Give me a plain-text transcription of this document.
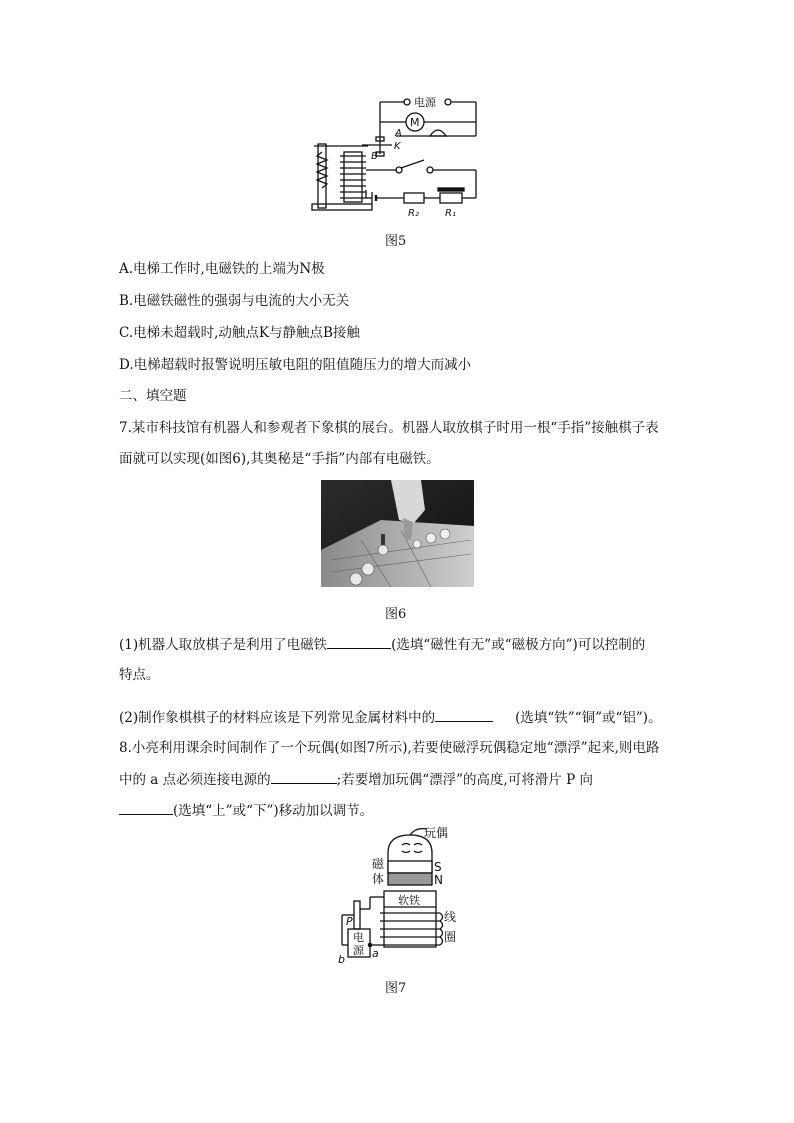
电源
M
A
K
B
R₂	R₁
图5
A.电梯工作时,电磁铁的上端为N极
B.电磁铁磁性的强弱与电流的大小无关
C.电梯未超载时,动触点K与静触点B接触
D.电梯超载时报警说明压敏电阻的阻值随压力的增大而减小
二、填空题
7.某市科技馆有机器人和参观者下象棋的展台。机器人取放棋子时用一根“手指”接触棋子表
面就可以实现(如图6),其奥秘是“手指”内部有电磁铁。
图6
(1)机器人取放棋子是利用了电磁铁	(选填“磁性有无”或“磁极方向”)可以控制的
特点。
(2)制作象棋棋子的材料应该是下列常见金属材料中的	(选填“铁”“铜”或“铝”)。
8.小亮利用课余时间制作了一个玩偶(如图7所示),若要使磁浮玩偶稳定地“漂浮”起来,则电路
中的 a 点必须连接电源的	;若要增加玩偶“漂浮”的高度,可将滑片 P 向
(选填“上”或“下”)移动加以调节。
玩偶
磁
体
S
N
软铁
线
圈
P
电
源 a
b
图7
